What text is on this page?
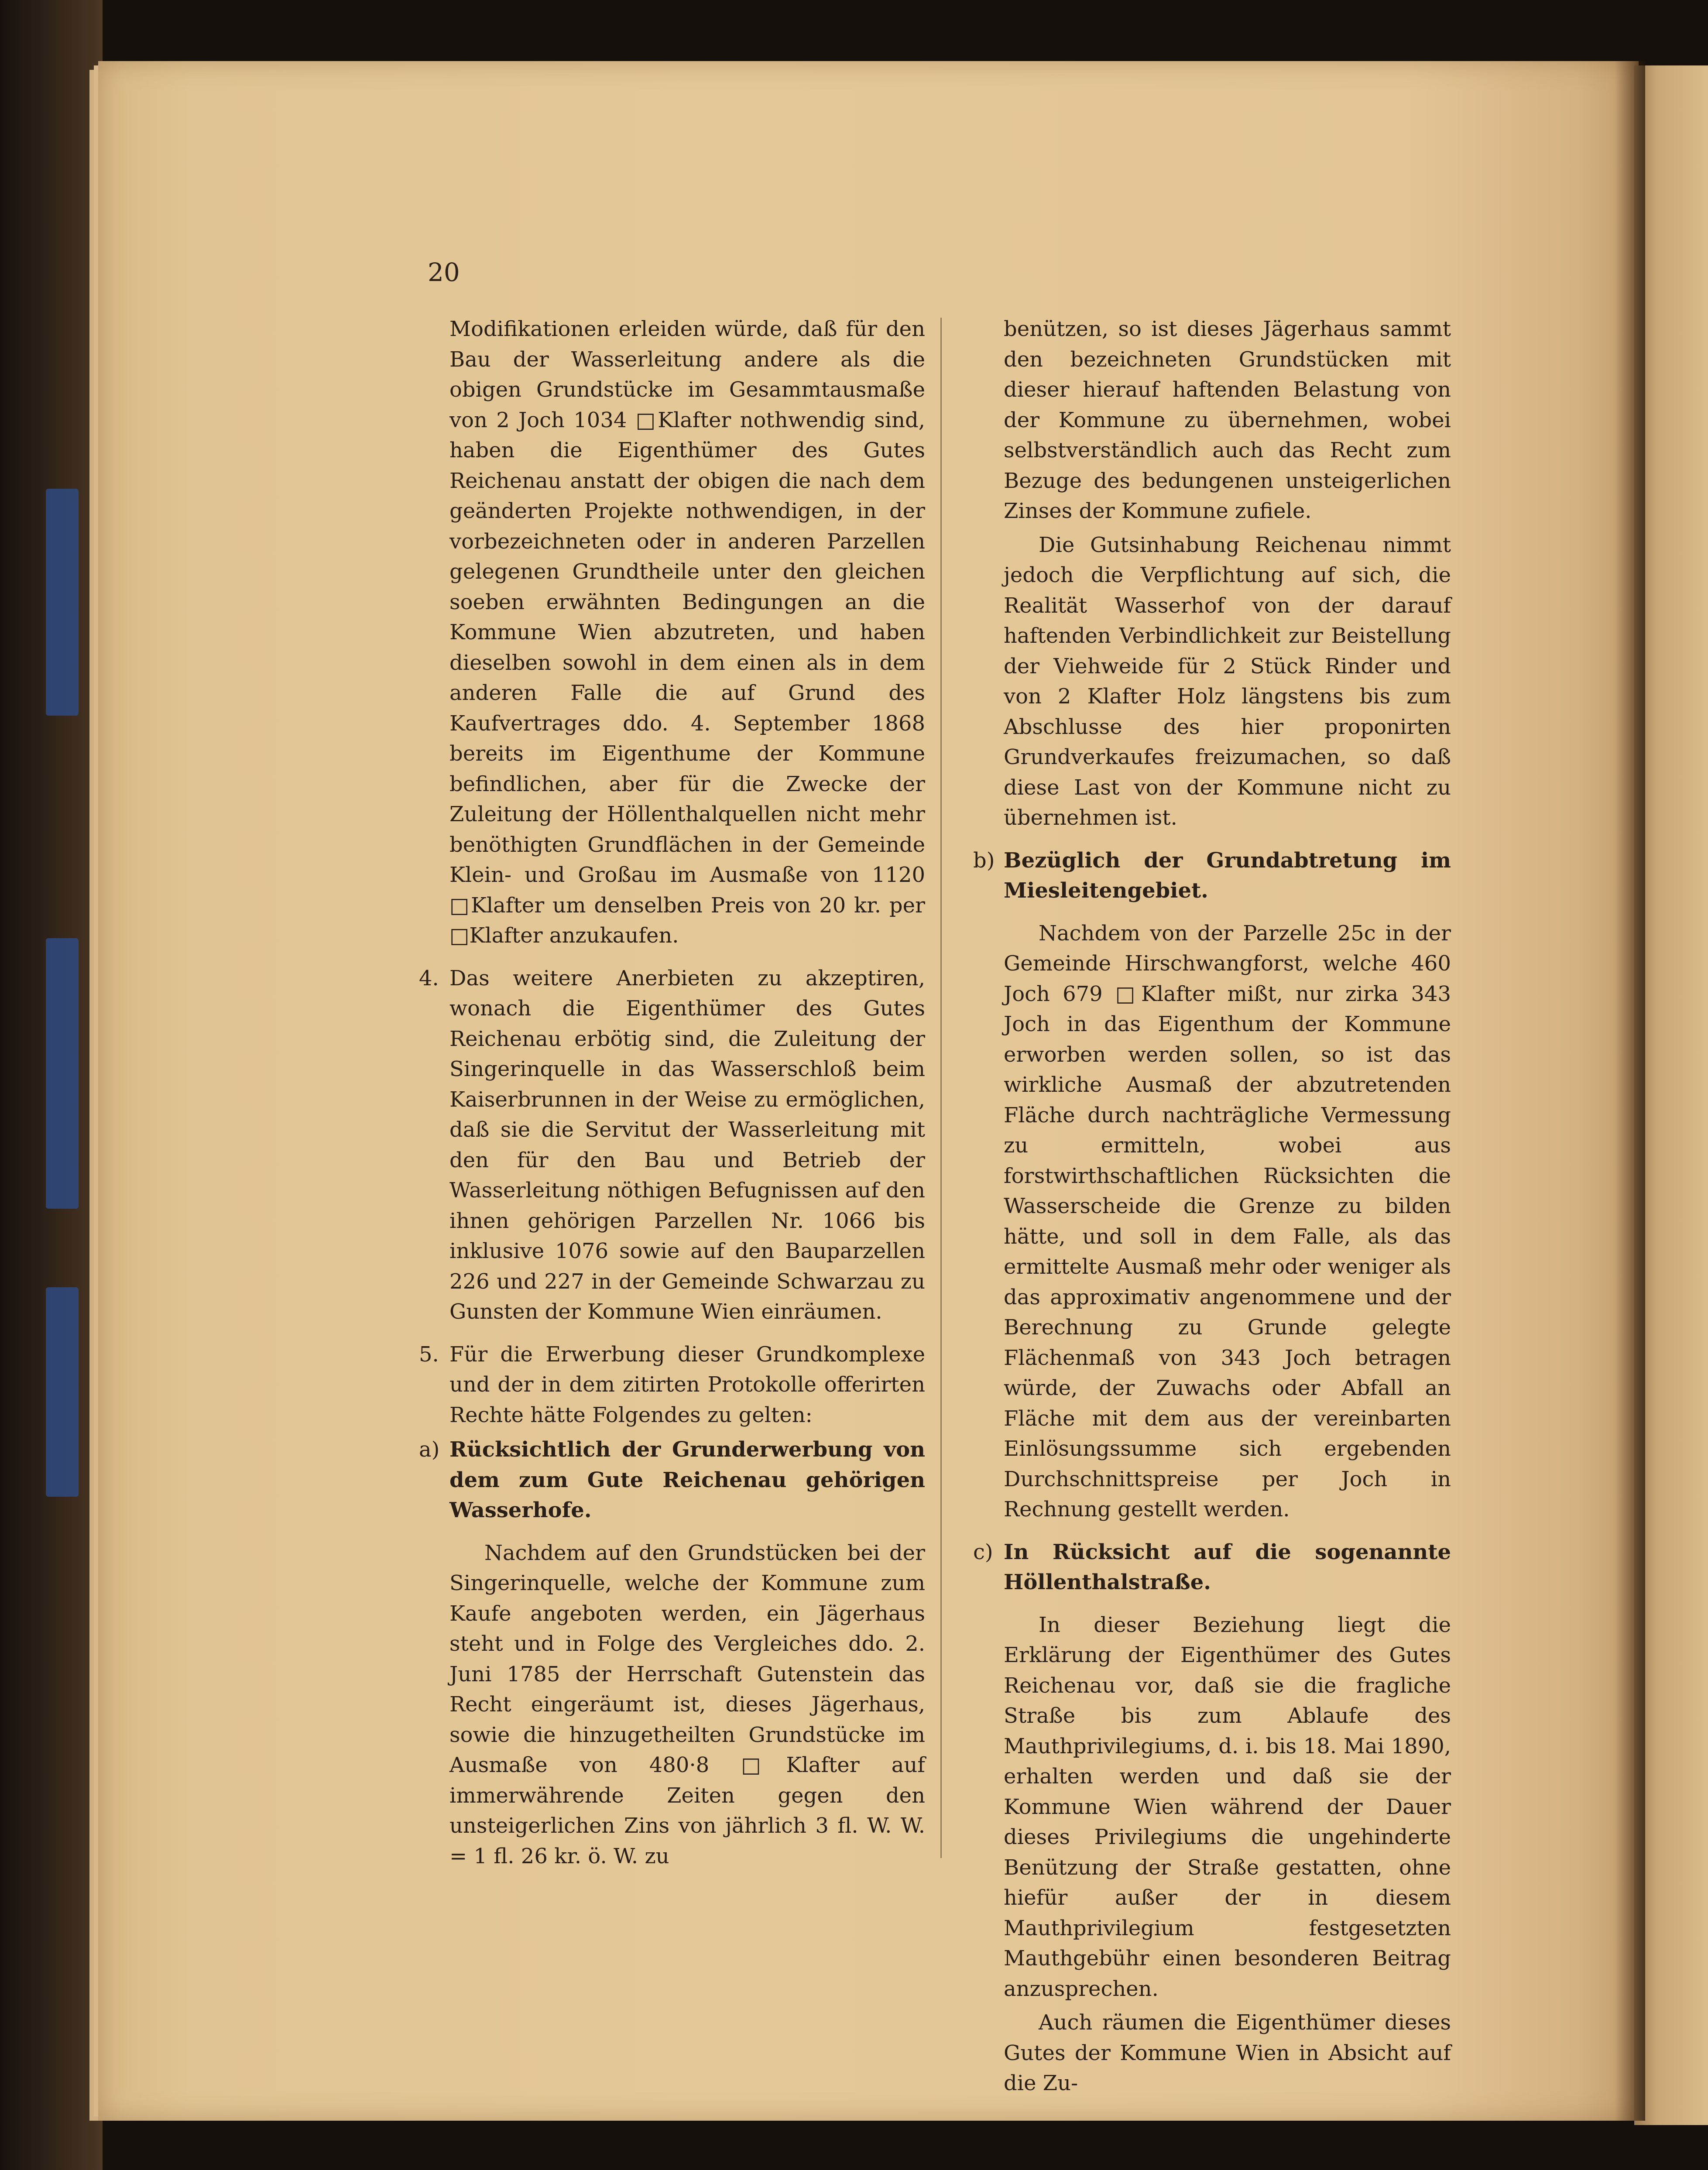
20

Modifikationen erleiden würde, daß für den Bau der Wasserleitung andere als die obigen Grundstücke im Gesammtausmaße von 2 Joch 1034 □Klafter nothwendig sind, haben die Eigenthümer des Gutes Reichenau anstatt der obigen die nach dem geänderten Projekte nothwendigen, in der vorbezeichneten oder in anderen Parzellen gelegenen Grundtheile unter den gleichen soeben erwähnten Bedingungen an die Kommune Wien abzutreten, und haben dieselben sowohl in dem einen als in dem anderen Falle die auf Grund des Kaufvertrages ddo. 4. September 1868 bereits im Eigenthume der Kommune befindlichen, aber für die Zwecke der Zuleitung der Höllenthalquellen nicht mehr benöthigten Grundflächen in der Gemeinde Klein- und Großau im Ausmaße von 1120 □Klafter um denselben Preis von 20 kr. per □Klafter anzukaufen.

4. Das weitere Anerbieten zu akzeptiren, wonach die Eigenthümer des Gutes Reichenau erbötig sind, die Zuleitung der Singerinquelle in das Wasserschloß beim Kaiserbrunnen in der Weise zu ermöglichen, daß sie die Servitut der Wasserleitung mit den für den Bau und Betrieb der Wasserleitung nöthigen Befugnissen auf den ihnen gehörigen Parzellen Nr. 1066 bis inklusive 1076 sowie auf den Bauparzellen 226 und 227 in der Gemeinde Schwarzau zu Gunsten der Kommune Wien einräumen.

5. Für die Erwerbung dieser Grundkomplexe und der in dem zitirten Protokolle offerirten Rechte hätte Folgendes zu gelten:

a) Rücksichtlich der Grunderwerbung von dem zum Gute Reichenau gehörigen Wasserhofe.

Nachdem auf den Grundstücken bei der Singerinquelle, welche der Kommune zum Kaufe angeboten werden, ein Jägerhaus steht und in Folge des Vergleiches ddo. 2. Juni 1785 der Herrschaft Gutenstein das Recht eingeräumt ist, dieses Jägerhaus, sowie die hinzugetheilten Grundstücke im Ausmaße von 480·8 □Klafter auf immerwährende Zeiten gegen den unsteigerlichen Zins von jährlich 3 fl. W. W. = 1 fl. 26 kr. ö. W. zu

benützen, so ist dieses Jägerhaus sammt den bezeichneten Grundstücken mit dieser hierauf haftenden Belastung von der Kommune zu übernehmen, wobei selbstverständlich auch das Recht zum Bezuge des bedungenen unsteigerlichen Zinses der Kommune zufiele.

Die Gutsinhabung Reichenau nimmt jedoch die Verpflichtung auf sich, die Realität Wasserhof von der darauf haftenden Verbindlichkeit zur Beistellung der Viehweide für 2 Stück Rinder und von 2 Klafter Holz längstens bis zum Abschlusse des hier proponirten Grundverkaufes freizumachen, so daß diese Last von der Kommune nicht zu übernehmen ist.

b) Bezüglich der Grundabtretung im Miesleitengebiet.

Nachdem von der Parzelle 25c in der Gemeinde Hirschwangforst, welche 460 Joch 679 □Klafter mißt, nur zirka 343 Joch in das Eigenthum der Kommune erworben werden sollen, so ist das wirkliche Ausmaß der abzutretenden Fläche durch nachträgliche Vermessung zu ermitteln, wobei aus forstwirthschaftlichen Rücksichten die Wasserscheide die Grenze zu bilden hätte, und soll in dem Falle, als das ermittelte Ausmaß mehr oder weniger als das approximativ angenommene und der Berechnung zu Grunde gelegte Flächenmaß von 343 Joch betragen würde, der Zuwachs oder Abfall an Fläche mit dem aus der vereinbarten Einlösungssumme sich ergebenden Durchschnittspreise per Joch in Rechnung gestellt werden.

c) In Rücksicht auf die sogenannte Höllenthalstraße.

In dieser Beziehung liegt die Erklärung der Eigenthümer des Gutes Reichenau vor, daß sie die fragliche Straße bis zum Ablaufe des Mauthprivilegiums, d. i. bis 18. Mai 1890, erhalten werden und daß sie der Kommune Wien während der Dauer dieses Privilegiums die ungehinderte Benützung der Straße gestatten, ohne hiefür außer der in diesem Mauthprivilegium festgesetzten Mauthgebühr einen besonderen Beitrag anzusprechen.

Auch räumen die Eigenthümer dieses Gutes der Kommune Wien in Absicht auf die Zu-
